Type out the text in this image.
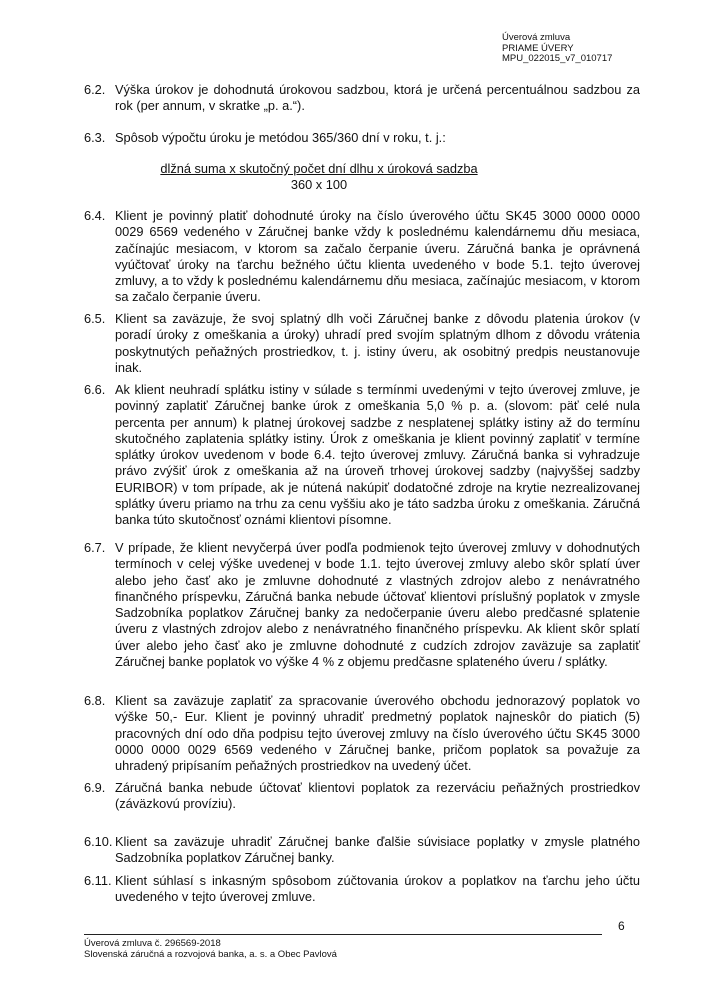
Úverová zmluva
PRIAME ÚVERY
MPU_022015_v7_010717
6.2. Výška úrokov je dohodnutá úrokovou sadzbou, ktorá je určená percentuálnou sadzbou za rok (per annum, v skratke „p. a.“).
6.3. Spôsob výpočtu úroku je metódou 365/360 dní v roku, t. j.:
dlžná suma x skutočný počet dní dlhu x úroková sadzba
360 x 100
6.4. Klient je povinný platiť dohodnuté úroky na číslo úverového účtu SK45 3000 0000 0000 0029 6569 vedeného v Záručnej banke vždy k poslednému kalendárnemu dňu mesiaca, začínajúc mesiacom, v ktorom sa začalo čerpanie úveru. Záručná banka je oprávnená vyúčtovať úroky na ťarchu bežného účtu klienta uvedeného v bode 5.1. tejto úverovej zmluvy, a to vždy k poslednému kalendárnemu dňu mesiaca, začínajúc mesiacom, v ktorom sa začalo čerpanie úveru.
6.5. Klient sa zaväzuje, že svoj splatný dlh voči Záručnej banke z dôvodu platenia úrokov (v poradí úroky z omeškania a úroky) uhradí pred svojím splatným dlhom z dôvodu vrátenia poskytnutých peňažných prostriedkov, t. j. istiny úveru, ak osobitný predpis neustanovuje inak.
6.6. Ak klient neuhradí splátku istiny v súlade s termínmi uvedenými v tejto úverovej zmluve, je povinný zaplatiť Záručnej banke úrok z omeškania 5,0 % p. a. (slovom: päť celé nula percenta per annum) k platnej úrokovej sadzbe z nesplatenej splátky istiny až do termínu skutočného zaplatenia splátky istiny. Úrok z omeškania je klient povinný zaplatiť v termíne splátky úrokov uvedenom v bode 6.4. tejto úverovej zmluvy. Záručná banka si vyhradzuje právo zvýšiť úrok z omeškania až na úroveň trhovej úrokovej sadzby (najvyššej sadzby EURIBOR) v tom prípade, ak je nútená nakúpiť dodatočné zdroje na krytie nezrealizovanej splátky úveru priamo na trhu za cenu vyššiu ako je táto sadzba úroku z omeškania. Záručná banka túto skutočnosť oznámi klientovi písomne.
6.7. V prípade, že klient nevyčerpá úver podľa podmienok tejto úverovej zmluvy v dohodnutých termínoch v celej výške uvedenej v bode 1.1. tejto úverovej zmluvy alebo skôr splatí úver alebo jeho časť ako je zmluvne dohodnuté z vlastných zdrojov alebo z nenávratného finančného príspevku, Záručná banka nebude účtovať klientovi príslušný poplatok v zmysle Sadzobníka poplatkov Záručnej banky za nedočerpanie úveru alebo predčasné splatenie úveru z vlastných zdrojov alebo z nenávratného finančného príspevku. Ak klient skôr splatí úver alebo jeho časť ako je zmluvne dohodnuté z cudzích zdrojov zaväzuje sa zaplatiť Záručnej banke poplatok vo výške 4 % z objemu predčasne splateného úveru / splátky.
6.8. Klient sa zaväzuje zaplatiť za spracovanie úverového obchodu jednorazový poplatok vo výške 50,- Eur. Klient je povinný uhradiť predmetný poplatok najneskôr do piatich (5) pracovných dní odo dňa podpisu tejto úverovej zmluvy na číslo úverového účtu SK45 3000 0000 0000 0029 6569 vedeného v Záručnej banke, pričom poplatok sa považuje za uhradený pripísaním peňažných prostriedkov na uvedený účet.
6.9. Záručná banka nebude účtovať klientovi poplatok za rezerváciu peňažných prostriedkov (záväzkovú províziu).
6.10. Klient sa zaväzuje uhradiť Záručnej banke ďalšie súvisiace poplatky v zmysle platného Sadzobníka poplatkov Záručnej banky.
6.11. Klient súhlasí s inkasným spôsobom zúčtovania úrokov a poplatkov na ťarchu jeho účtu uvedeného v tejto úverovej zmluve.
6
Úverová zmluva č. 296569-2018
Slovenská záručná a rozvojová banka, a. s. a Obec Pavlová
